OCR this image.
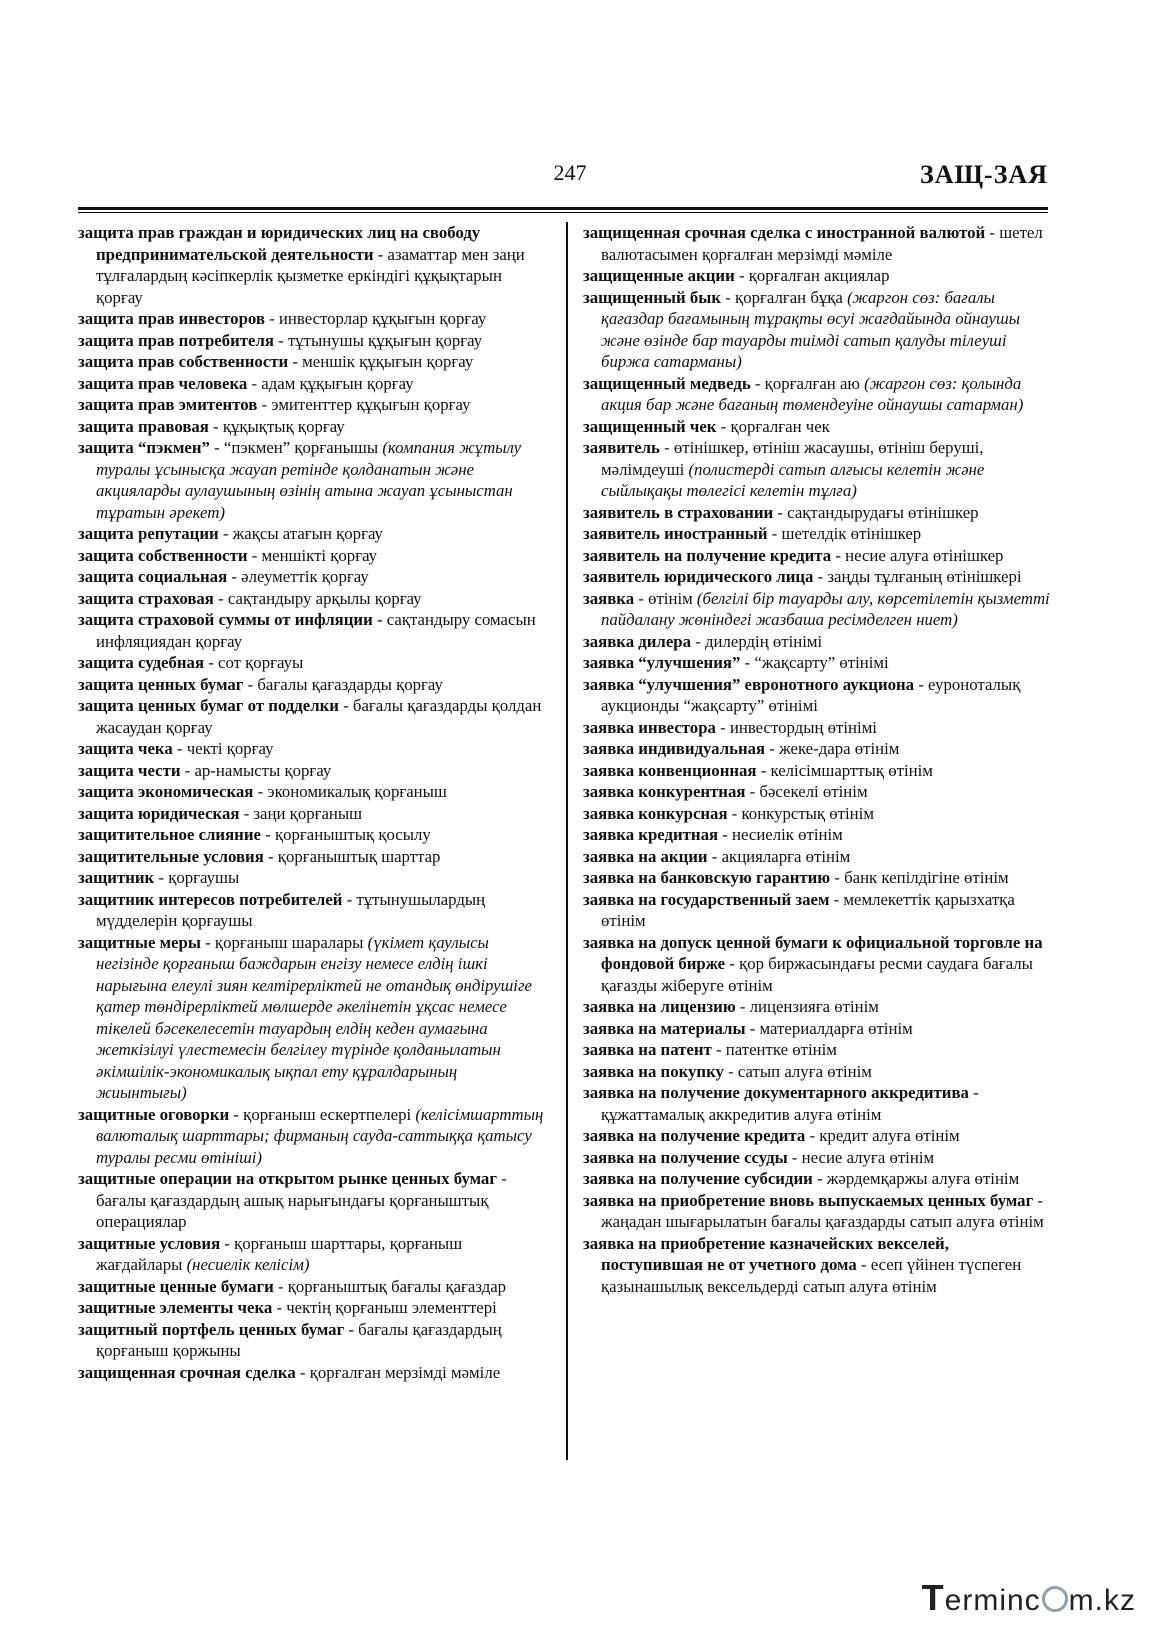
247	ЗАЩ-ЗАЯ

защита прав граждан и юридических лиц на свободу предпринимательской деятельности - азаматтар мен заңи тұлғалардың кәсіпкерлік қызметке еркіндігі құқықтарын қорғау

защита прав инвесторов - инвесторлар құқығын қорғау

защита прав потребителя - тұтынушы құқығын қорғау

защита прав собственности - меншік құқығын қорғау

защита прав человека - адам құқығын қорғау

защита прав эмитентов - эмитенттер құқығын қорғау

защита правовая - құқықтық қорғау

защита “пэкмен” - “пэкмен” қорғанышы (компания жұтылу туралы ұсынысқа жауап ретінде қолданатын және акцияларды аулаушының өзінің атына жауап ұсыныстан тұратын әрекет)

защита репутации - жақсы атағын қорғау

защита собственности - меншікті қорғау

защита социальная - әлеуметтік қорғау

защита страховая - сақтандыру арқылы қорғау

защита страховой суммы от инфляции - сақтандыру сомасын инфляциядан қорғау

защита судебная - сот қорғауы

защита ценных бумаг - бағалы қағаздарды қорғау

защита ценных бумаг от подделки - бағалы қағаздарды қолдан жасаудан қорғау

защита чека - чекті қорғау

защита чести - ар-намысты қорғау

защита экономическая - экономикалық қорғаныш

защита юридическая - заңи қорғаныш

защитительное слияние - қорғаныштық қосылу

защитительные условия - қорғаныштық шарттар

защитник - қорғаушы

защитник интересов потребителей - тұтынушылардың мүдделерін қорғаушы

защитные меры - қорғаныш шаралары (үкімет қаулысы негізінде қорғаныш баждарын енгізу немесе елдің ішкі нарығына елеулі зиян келтірерліктей не отандық өндірушіге қатер төндірерліктей мөлшерде әкелінетін ұқсас немесе тікелей бәсекелесетін тауардың елдің кеден аумағына жеткізілуі үлестемесін белгілеу түрінде қолданылатын әкімшілік-экономикалық ықпал ету құралдарының жиынтығы)

защитные оговорки - қорғаныш ескертпелері (келісімшарттың валюталық шарттары; фирманың сауда-саттыққа қатысу туралы ресми өтініші)

защитные операции на открытом рынке ценных бумаг - бағалы қағаздардың ашық нарығындағы қорғаныштық операциялар

защитные условия - қорғаныш шарттары, қорғаныш жағдайлары (несиелік келісім)

защитные ценные бумаги - қорғаныштық бағалы қағаздар

защитные элементы чека - чектің қорғаныш элементтері

защитный портфель ценных бумаг - бағалы қағаздардың қорғаныш қоржыны

защищенная срочная сделка - қорғалған мерзімді мәміле

защищенная срочная сделка с иностранной валютой - шетел валютасымен қорғалған мерзімді мәміле

защищенные акции - қорғалған акциялар

защищенный бык - қорғалған бұқа (жаргон сөз: бағалы қағаздар бағамының тұрақты өсуі жағдайында ойнаушы және өзінде бар тауарды тиімді сатып қалуды тілеуші биржа сатарманы)

защищенный медведь - қорғалған аю (жаргон сөз: қолында акция бар және бағаның төмендеуіне ойнаушы сатарман)

защищенный чек - қорғалған чек

заявитель - өтінішкер, өтініш жасаушы, өтініш беруші, мәлімдеуші (полистерді сатып алғысы келетін және сыйлықақы төлегісі келетін тұлға)

заявитель в страховании - сақтандырудағы өтінішкер

заявитель иностранный - шетелдік өтінішкер

заявитель на получение кредита - несие алуға өтінішкер

заявитель юридического лица - заңды тұлғаның өтінішкері

заявка - өтінім (белгілі бір тауарды алу, көрсетілетін қызметті пайдалану жөніндегі жазбаша ресімделген ниет)

заявка дилера - дилердің өтінімі

заявка “улучшения” - “жақсарту” өтінімі

заявка “улучшения” евронотного аукциона - еуроноталық аукционды “жақсарту” өтінімі

заявка инвестора - инвестордың өтінімі

заявка индивидуальная - жеке-дара өтінім

заявка конвенционная - келісімшарттық өтінім

заявка конкурентная - бәсекелі өтінім

заявка конкурсная - конкурстық өтінім

заявка кредитная - несиелік өтінім

заявка на акции - акцияларға өтінім

заявка на банковскую гарантию - банк кепілдігіне өтінім

заявка на государственный заем - мемлекеттік қарызхатқа өтінім

заявка на допуск ценной бумаги к официальной торговле на фондовой бирже - қор биржасындағы ресми саудаға бағалы қағазды жіберуге өтінім

заявка на лицензию - лицензияға өтінім

заявка на материалы - материалдарға өтінім

заявка на патент - патентке өтінім

заявка на покупку - сатып алуға өтінім

заявка на получение документарного аккредитива - құжаттамалық аккредитив алуға өтінім

заявка на получение кредита - кредит алуға өтінім

заявка на получение ссуды - несие алуға өтінім

заявка на получение субсидии - жәрдемқаржы алуға өтінім

заявка на приобретение вновь выпускаемых ценных бумаг - жаңадан шығарылатын бағалы қағаздарды сатып алуға өтінім

заявка на приобретение казначейских векселей, поступившая не от учетного дома - есеп үйінен түспеген қазынашылық вексельдерді сатып алуға өтінім

Terminc m.kz
